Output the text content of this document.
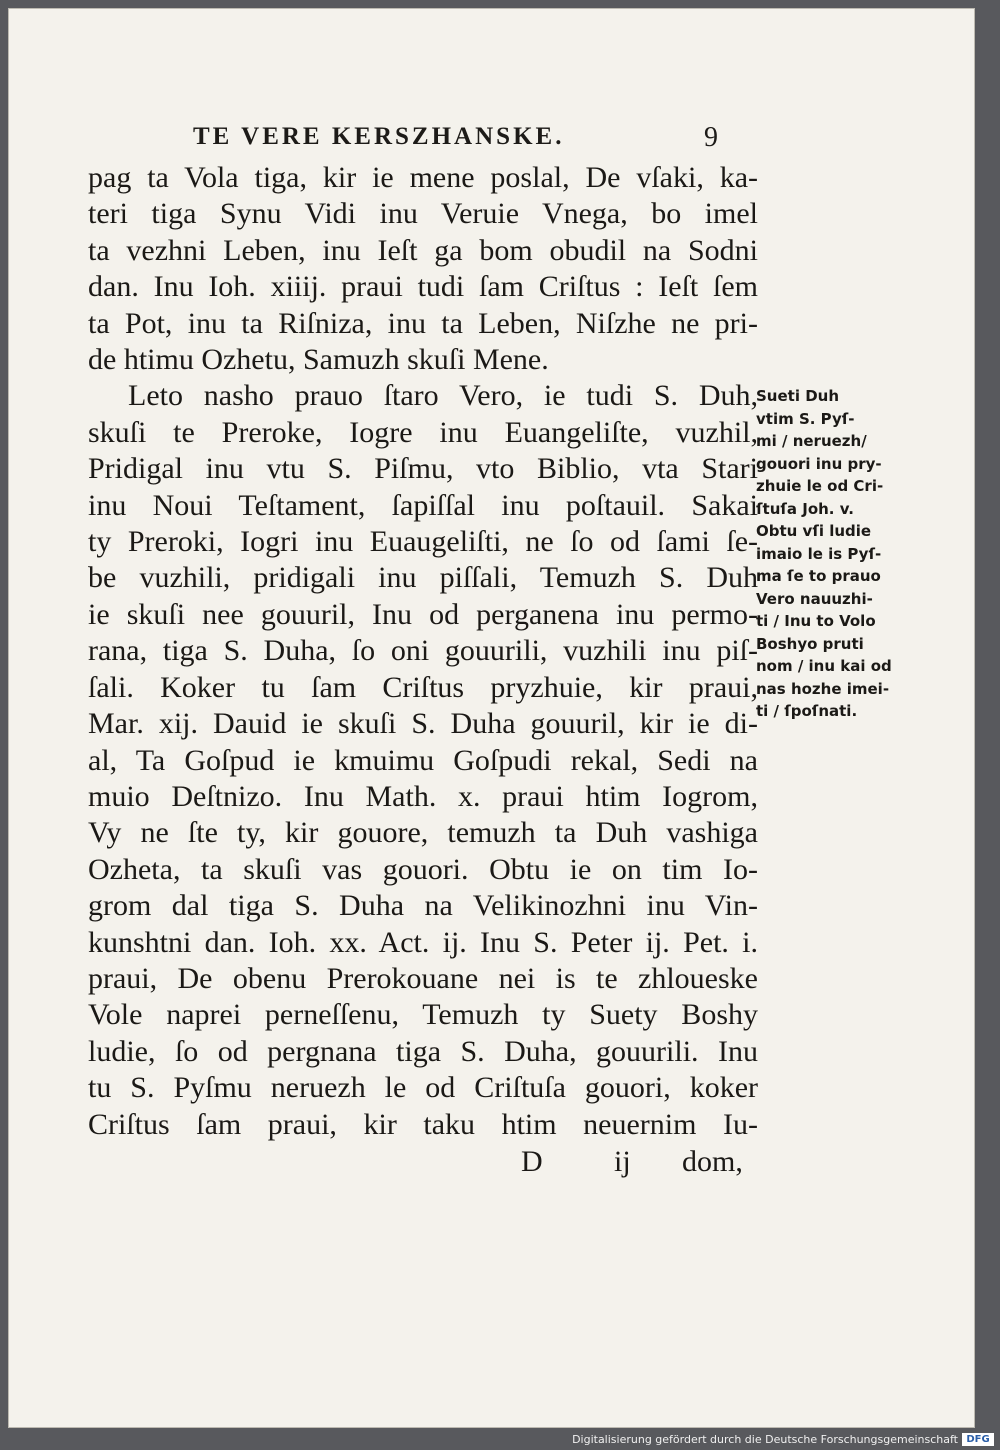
TE VERE KERSZHANSKE.	9
pag ta Vola tiga, kir ie mene poslal, De vſaki, ka-
teri tiga Synu Vidi inu Veruie Vnega, bo imel
ta vezhni Leben, inu Ieſt ga bom obudil na Sodni
dan. Inu Ioh. xiiij. praui tudi ſam Criſtus : Ieſt ſem
ta Pot, inu ta Riſniza, inu ta Leben, Niſzhe ne pri-
de htimu Ozhetu, Samuzh skuſi Mene.
Leto nasho prauo ſtaro Vero, ie tudi S. Duh,
skuſi te Preroke, Iogre inu Euangeliſte, vuzhil,
Pridigal inu vtu S. Piſmu, vto Biblio, vta Stari
inu Noui Teſtament, ſapiſſal inu poſtauil. Sakai
ty Preroki, Iogri inu Euaugeliſti, ne ſo od ſami ſe-
be vuzhili, pridigali inu piſſali, Temuzh S. Duh
ie skuſi nee gouuril, Inu od perganena inu permo-
rana, tiga S. Duha, ſo oni gouurili, vuzhili inu piſ-
ſali. Koker tu ſam Criſtus pryzhuie, kir praui,
Mar. xij. Dauid ie skuſi S. Duha gouuril, kir ie di-
al, Ta Goſpud ie kmuimu Goſpudi rekal, Sedi na
muio Deſtnizo. Inu Math. x. praui htim Iogrom,
Vy ne ſte ty, kir gouore, temuzh ta Duh vashiga
Ozheta, ta skuſi vas gouori. Obtu ie on tim Io-
grom dal tiga S. Duha na Velikinozhni inu Vin-
kunshtni dan. Ioh. xx. Act. ij. Inu S. Peter ij. Pet. i.
praui, De obenu Prerokouane nei is te zhloueske
Vole naprei perneſſenu, Temuzh ty Suety Boshy
ludie, ſo od pergnana tiga S. Duha, gouurili. Inu
tu S. Pyſmu neruezh le od Criſtuſa gouori, koker
Criſtus ſam praui, kir taku htim neuernim Iu-
Sueti Duh
vtim S. Pyſ-
mi / neruezh/
gouori inu pry-
zhuie le od Cri-
ſtuſa Joh. v.
Obtu vſi ludie
imaio le is Pyſ-
ma ſe to prauo
Vero nauuzhi-
ti / Inu to Volo
Boshyo pruti
nom / inu kai od
nas hozhe imei-
ti / ſpoſnati.
D ij dom,
Digitalisierung gefördert durch die Deutsche Forschungsgemeinschaft DFG
